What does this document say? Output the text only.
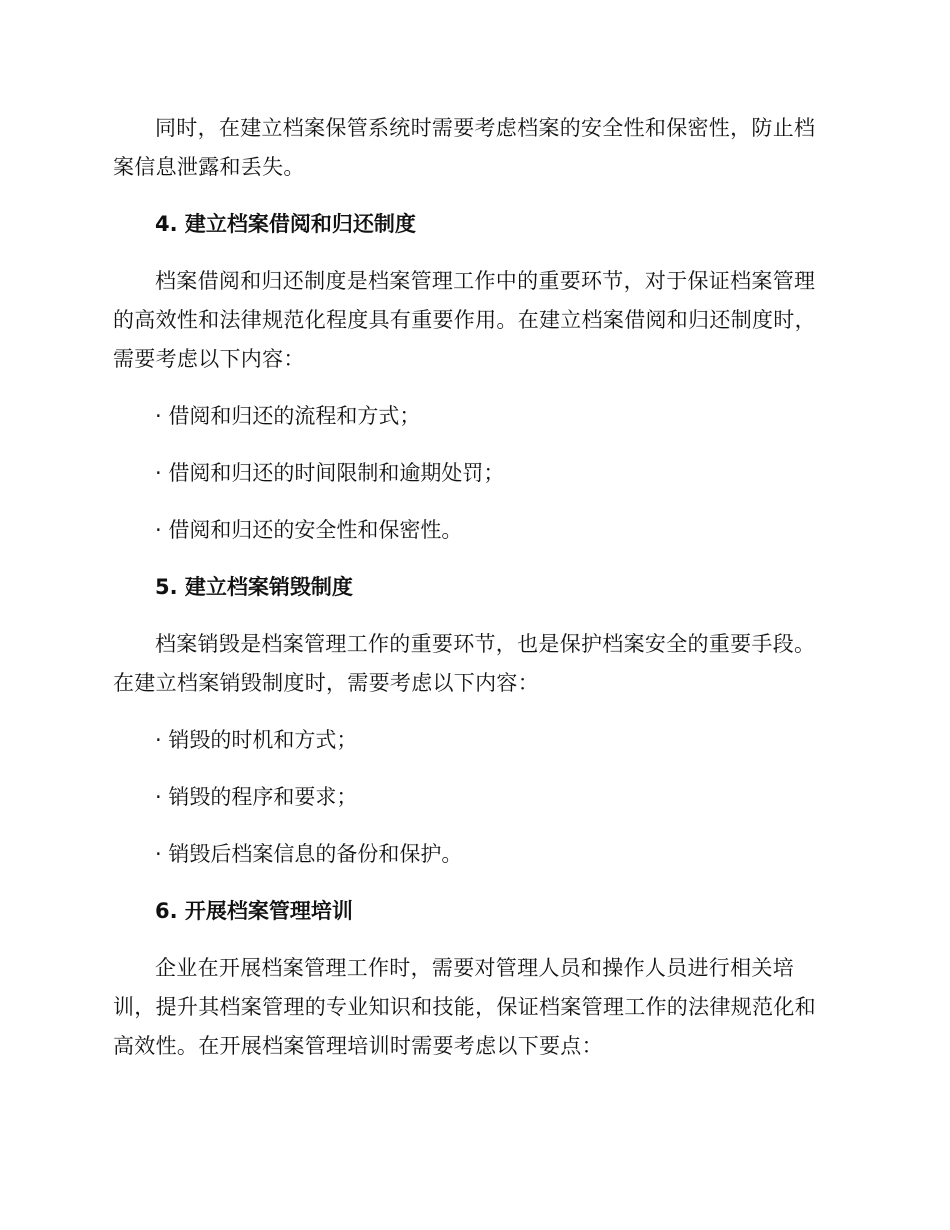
同时，在建立档案保管系统时需要考虑档案的安全性和保密性，防止档案信息泄露和丢失。

4. 建立档案借阅和归还制度

档案借阅和归还制度是档案管理工作中的重要环节，对于保证档案管理的高效性和法律规范化程度具有重要作用。在建立档案借阅和归还制度时，需要考虑以下内容：

· 借阅和归还的流程和方式；

· 借阅和归还的时间限制和逾期处罚；

· 借阅和归还的安全性和保密性。

5. 建立档案销毁制度

档案销毁是档案管理工作的重要环节，也是保护档案安全的重要手段。在建立档案销毁制度时，需要考虑以下内容：

· 销毁的时机和方式；

· 销毁的程序和要求；

· 销毁后档案信息的备份和保护。

6. 开展档案管理培训

企业在开展档案管理工作时，需要对管理人员和操作人员进行相关培训，提升其档案管理的专业知识和技能，保证档案管理工作的法律规范化和高效性。在开展档案管理培训时需要考虑以下要点：
